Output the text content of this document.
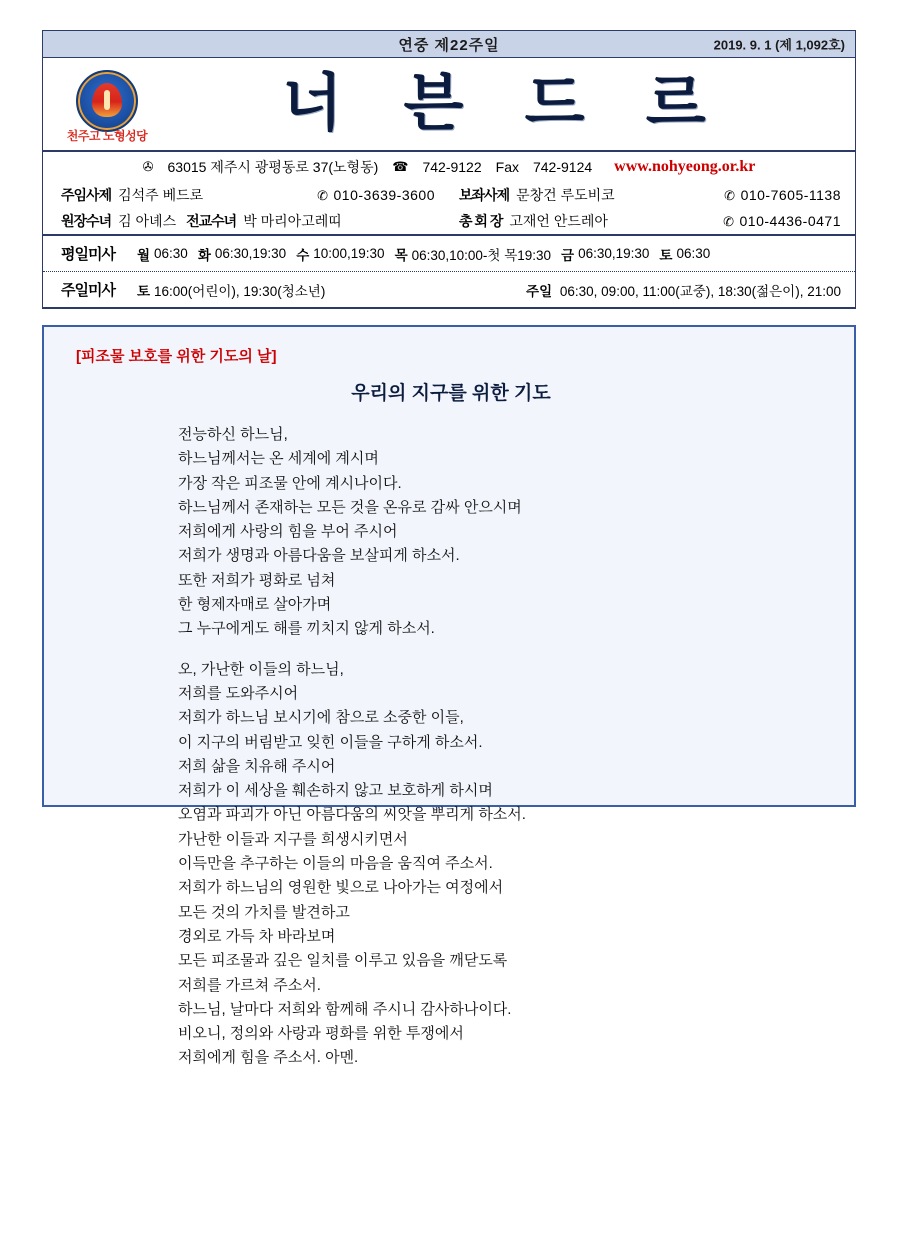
연중 제22주일	2019. 9. 1 (제 1,092호)
천주고 노형성당	너 븐 드 르
✇ 63015 제주시 광평동로 37(노형동) ☎ 742-9122 Fax 742-9124 www.nohyeong.or.kr
주임사제 김석주 베드로	✆ 010-3639-3600	보좌사제 문창건 루도비코	✆ 010-7605-1138
원장수녀 김 아녜스 전교수녀 박 마리아고레띠	총 회 장 고재언 안드레아	✆ 010-4436-0471
평일미사 월 06:30 화 06:30,19:30 수 10:00,19:30 목 06:30,10:00-첫 목19:30 금 06:30,19:30 토 06:30
주일미사 토 16:00(어린이), 19:30(청소년)	주일 06:30, 09:00, 11:00(교중), 18:30(젊은이), 21:00
[피조물 보호를 위한 기도의 날]
우리의 지구를 위한 기도

전능하신 하느님,

하느님께서는 온 세계에 계시며

가장 작은 피조물 안에 계시나이다.

하느님께서 존재하는 모든 것을 온유로 감싸 안으시며

저희에게 사랑의 힘을 부어 주시어

저희가 생명과 아름다움을 보살피게 하소서.

또한 저희가 평화로 넘쳐

한 형제자매로 살아가며

그 누구에게도 해를 끼치지 않게 하소서.

오, 가난한 이들의 하느님,

저희를 도와주시어

저희가 하느님 보시기에 참으로 소중한 이들,

이 지구의 버림받고 잊힌 이들을 구하게 하소서.

저희 삶을 치유해 주시어

저희가 이 세상을 훼손하지 않고 보호하게 하시며

오염과 파괴가 아닌 아름다움의 씨앗을 뿌리게 하소서.

가난한 이들과 지구를 희생시키면서

이득만을 추구하는 이들의 마음을 움직여 주소서.

저희가 하느님의 영원한 빛으로 나아가는 여정에서

모든 것의 가치를 발견하고

경외로 가득 차 바라보며

모든 피조물과 깊은 일치를 이루고 있음을 깨닫도록

저희를 가르쳐 주소서.

하느님, 날마다 저희와 함께해 주시니 감사하나이다.

비오니, 정의와 사랑과 평화를 위한 투쟁에서

저희에게 힘을 주소서. 아멘.
